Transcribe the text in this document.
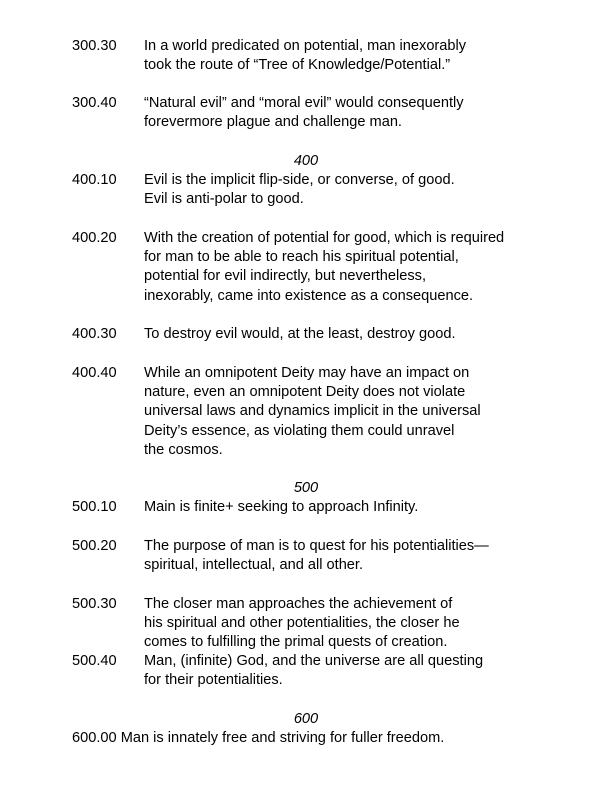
300.30 In a world predicated on potential, man inexorably
took the route of “Tree of Knowledge/Potential.”
300.40 “Natural evil” and “moral evil” would consequently
forevermore plague and challenge man.
400
400.10 Evil is the implicit flip-side, or converse, of good.
Evil is anti-polar to good.
400.20 With the creation of potential for good, which is required
for man to be able to reach his spiritual potential,
potential for evil indirectly, but nevertheless,
inexorably, came into existence as a consequence.
400.30 To destroy evil would, at the least, destroy good.
400.40 While an omnipotent Deity may have an impact on
nature, even an omnipotent Deity does not violate
universal laws and dynamics implicit in the universal
Deity’s essence, as violating them could unravel
the cosmos.
500
500.10 Main is finite+ seeking to approach Infinity.
500.20 The purpose of man is to quest for his potentialities—
spiritual, intellectual, and all other.
500.30 The closer man approaches the achievement of
his spiritual and other potentialities, the closer he
comes to fulfilling the primal quests of creation.
500.40 Man, (infinite) God, and the universe are all questing
for their potentialities.
600
600.00 Man is innately free and striving for fuller freedom.
